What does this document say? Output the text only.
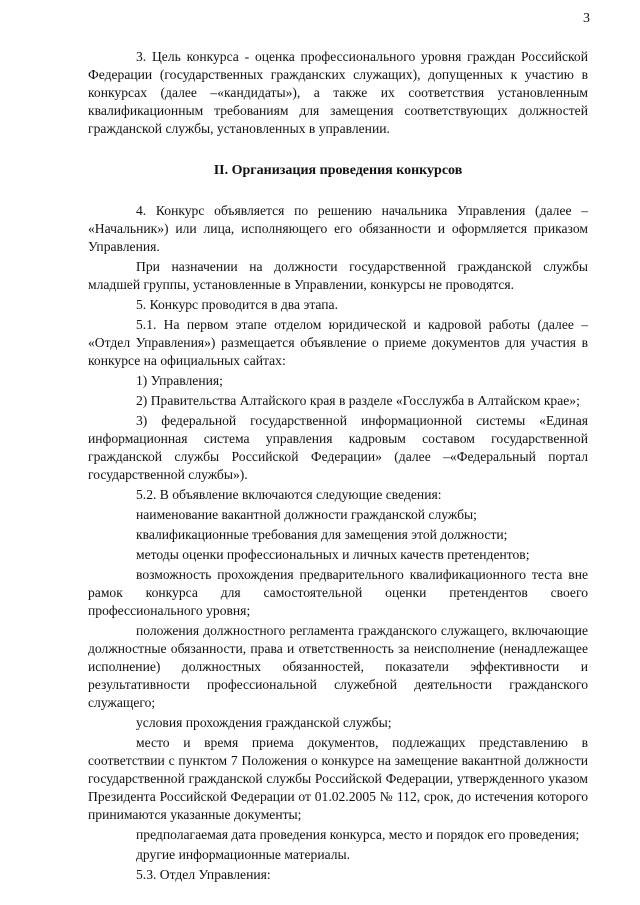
3

3. Цель конкурса - оценка профессионального уровня граждан Российской Федерации (государственных гражданских служащих), допущенных к участию в конкурсах (далее –«кандидаты»), а также их соответствия установленным квалификационным требованиям для замещения соответствующих должностей гражданской службы, установленных в управлении.

II. Организация проведения конкурсов

4. Конкурс объявляется по решению начальника Управления (далее – «Начальник») или лица, исполняющего его обязанности и оформляется приказом Управления.

При назначении на должности государственной гражданской службы младшей группы, установленные в Управлении, конкурсы не проводятся.

5. Конкурс проводится в два этапа.

5.1. На первом этапе отделом юридической и кадровой работы (далее – «Отдел Управления») размещается объявление о приеме документов для участия в конкурсе на официальных сайтах:

1) Управления;

2) Правительства Алтайского края в разделе «Госслужба в Алтайском крае»;

3) федеральной государственной информационной системы «Единая информационная система управления кадровым составом государственной гражданской службы Российской Федерации» (далее –«Федеральный портал государственной службы»).

5.2. В объявление включаются следующие сведения:

наименование вакантной должности гражданской службы;

квалификационные требования для замещения этой должности;

методы оценки профессиональных и личных качеств претендентов;

возможность прохождения предварительного квалификационного теста вне рамок конкурса для самостоятельной оценки претендентов своего профессионального уровня;

положения должностного регламента гражданского служащего, включающие должностные обязанности, права и ответственность за неисполнение (ненадлежащее исполнение) должностных обязанностей, показатели эффективности и результативности профессиональной служебной деятельности гражданского служащего;

условия прохождения гражданской службы;

место и время приема документов, подлежащих представлению в соответствии с пунктом 7 Положения о конкурсе на замещение вакантной должности государственной гражданской службы Российской Федерации, утвержденного указом Президента Российской Федерации от 01.02.2005 № 112, срок, до истечения которого принимаются указанные документы;

предполагаемая дата проведения конкурса, место и порядок его проведения;

другие информационные материалы.

5.3. Отдел Управления:
